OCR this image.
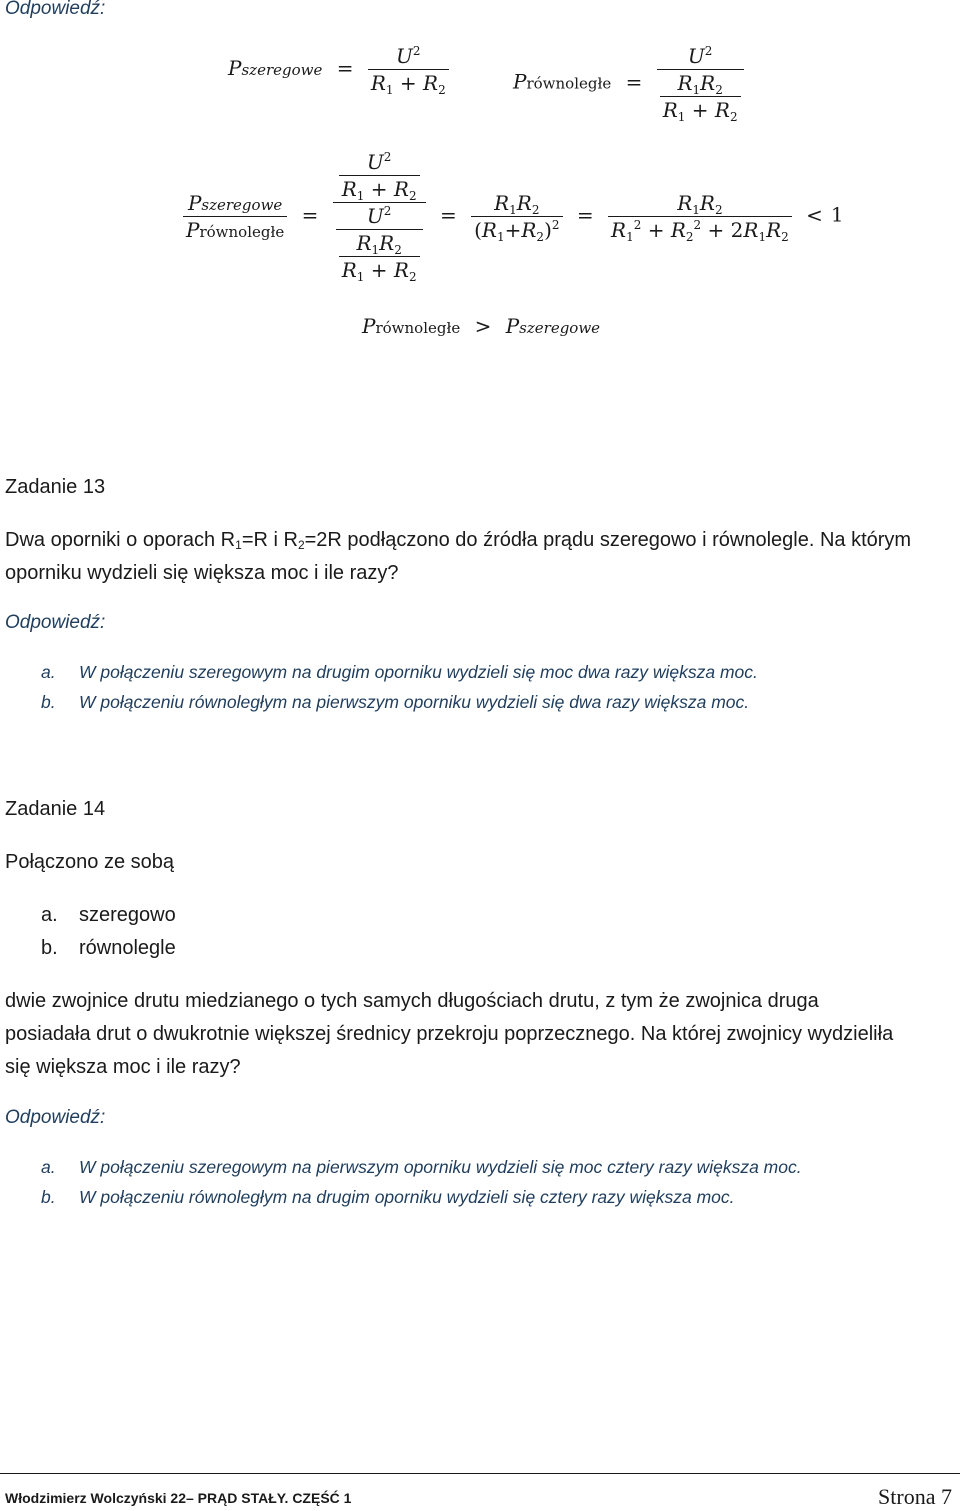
Odpowiedź:
Pszeregowe = $\frac{U^2}{R_1 + R_2}$	Prównoległe = $\frac{U^2}{\frac{R_1R_2}{R_1 + R_2}}$
$\frac{\text{Pszeregowe}}{\text{Prównoległe}} = \frac{\frac{U^2}{R_1 + R_2}}{\frac{U^2}{\frac{R_1R_2}{R_1 + R_2}}} = \frac{R_1R_2}{(R_1+R_2)^2} = \frac{R_1R_2}{R_1^2 + R_2^2 + 2R_1R_2} < 1$
Prównoległe > Pszeregowe
Zadanie 13
Dwa oporniki o oporach $R_1=R$ i $R_2=2R$ podłączono do źródła prądu szeregowo i równolegle. Na którym
oporniku wydzieli się większa moc i ile razy?
Odpowiedź:
a. W połączeniu szeregowym na drugim oporniku wydzieli się moc dwa razy większa moc.
b. W połączeniu równoległym na pierwszym oporniku wydzieli się dwa razy większa moc.
Zadanie 14
Połączono ze sobą
a. szeregowo
b. równolegle
dwie zwojnice drutu miedzianego o tych samych długościach drutu, z tym że zwojnica druga
posiadała drut o dwukrotnie większej średnicy przekroju poprzecznego. Na której zwojnicy wydzieliła
się większa moc i ile razy?
Odpowiedź:
a. W połączeniu szeregowym na pierwszym oporniku wydzieli się moc cztery razy większa moc.
b. W połączeniu równoległym na drugim oporniku wydzieli się cztery razy większa moc.
Włodzimierz Wolczyński 22– PRĄD STAŁY. CZĘŚĆ 1	Strona 7
